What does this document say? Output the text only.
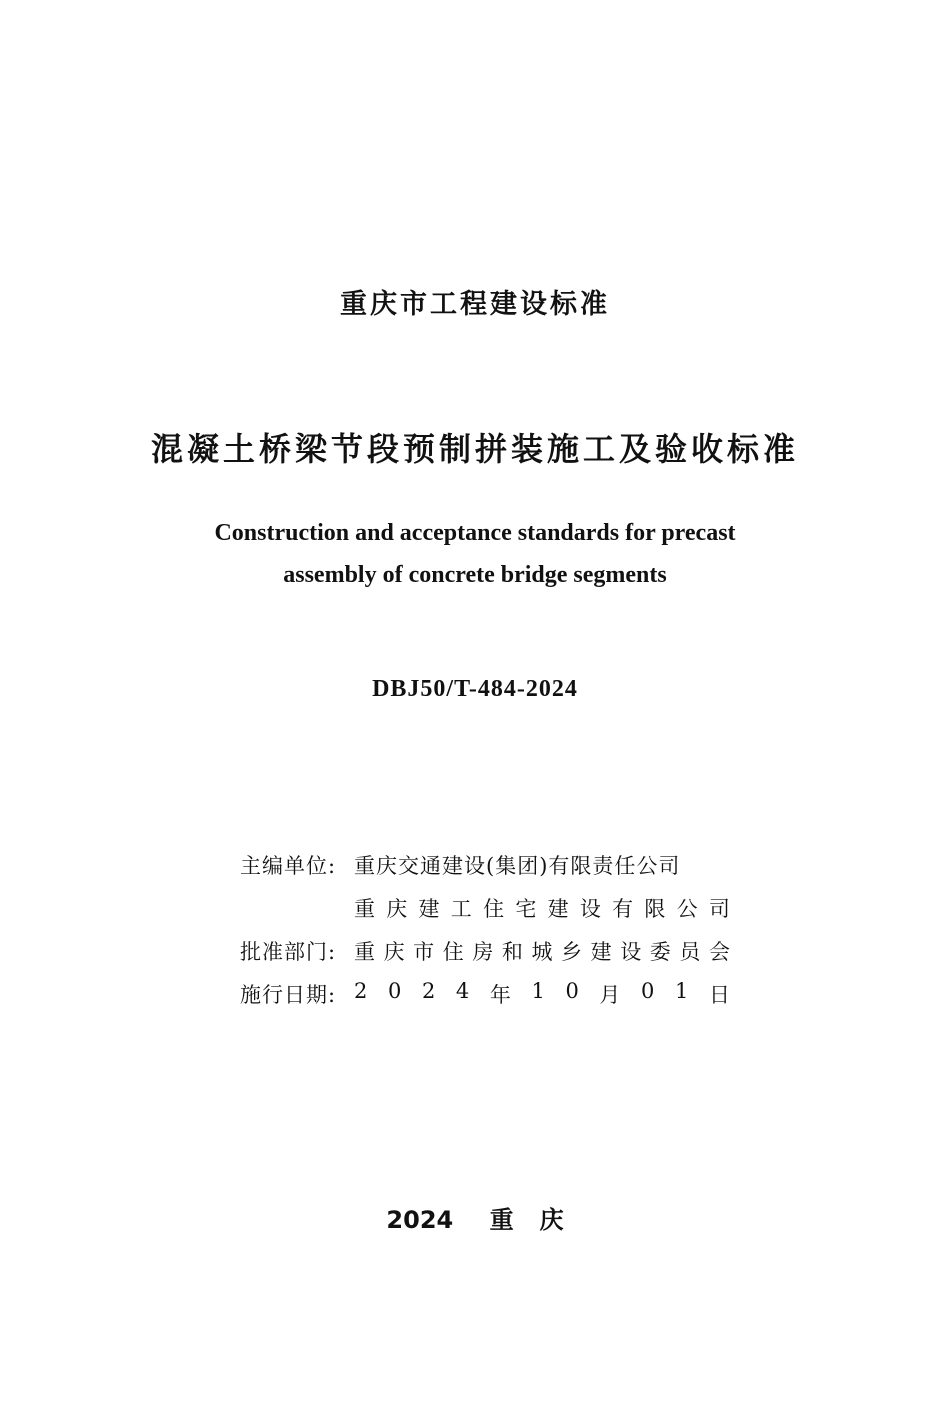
重庆市工程建设标准
混凝土桥梁节段预制拼装施工及验收标准
Construction and acceptance standards for precast
assembly of concrete bridge segments
DBJ50/T-484-2024
主编单位: 重庆交通建设(集团)有限责任公司
重 庆 建 工 住 宅 建 设 有 限 公 司
批准部门: 重 庆 市 住 房 和 城 乡 建 设 委 员 会
施行日期: 2 0 2 4 年 1 0 月 0 1 日
2024 重庆
